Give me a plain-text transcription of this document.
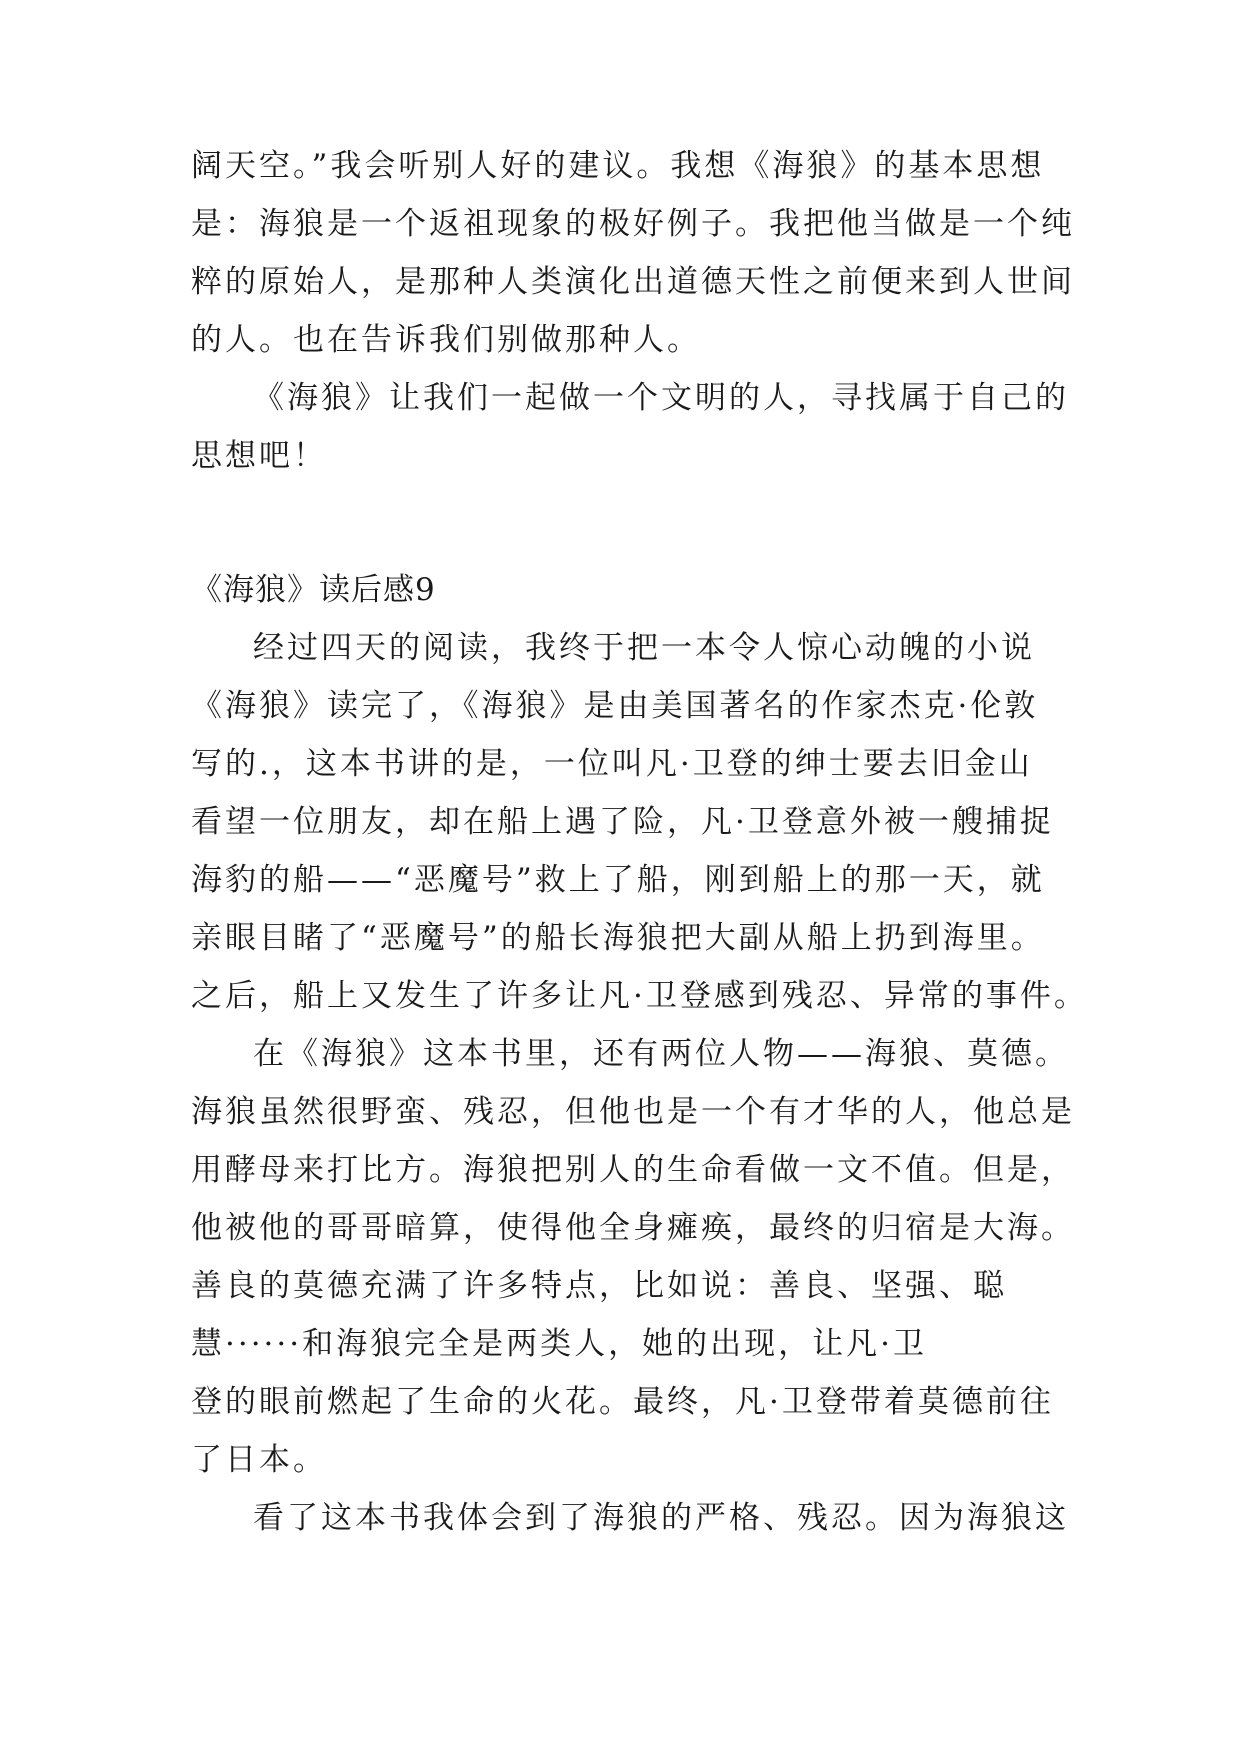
阔天空。”我会听别人好的建议。我想《海狼》的基本思想
是：海狼是一个返祖现象的极好例子。我把他当做是一个纯
粹的原始人，是那种人类演化出道德天性之前便来到人世间
的人。也在告诉我们别做那种人。
《海狼》让我们一起做一个文明的人，寻找属于自己的
思想吧！
《海狼》读后感9
经过四天的阅读，我终于把一本令人惊心动魄的小说
《海狼》读完了，《海狼》是由美国著名的作家杰克·伦敦
写的.，这本书讲的是，一位叫凡·卫登的绅士要去旧金山
看望一位朋友，却在船上遇了险，凡·卫登意外被一艘捕捉
海豹的船——“恶魔号”救上了船，刚到船上的那一天，就
亲眼目睹了“恶魔号”的船长海狼把大副从船上扔到海里。
之后，船上又发生了许多让凡·卫登感到残忍、异常的事件。
在《海狼》这本书里，还有两位人物——海狼、莫德。
海狼虽然很野蛮、残忍，但他也是一个有才华的人，他总是
用酵母来打比方。海狼把别人的生命看做一文不值。但是，
他被他的哥哥暗算，使得他全身瘫痪，最终的归宿是大海。
善良的莫德充满了许多特点，比如说：善良、坚强、聪
慧······和海狼完全是两类人，她的出现，让凡·卫
登的眼前燃起了生命的火花。最终，凡·卫登带着莫德前往
了日本。
看了这本书我体会到了海狼的严格、残忍。因为海狼这
